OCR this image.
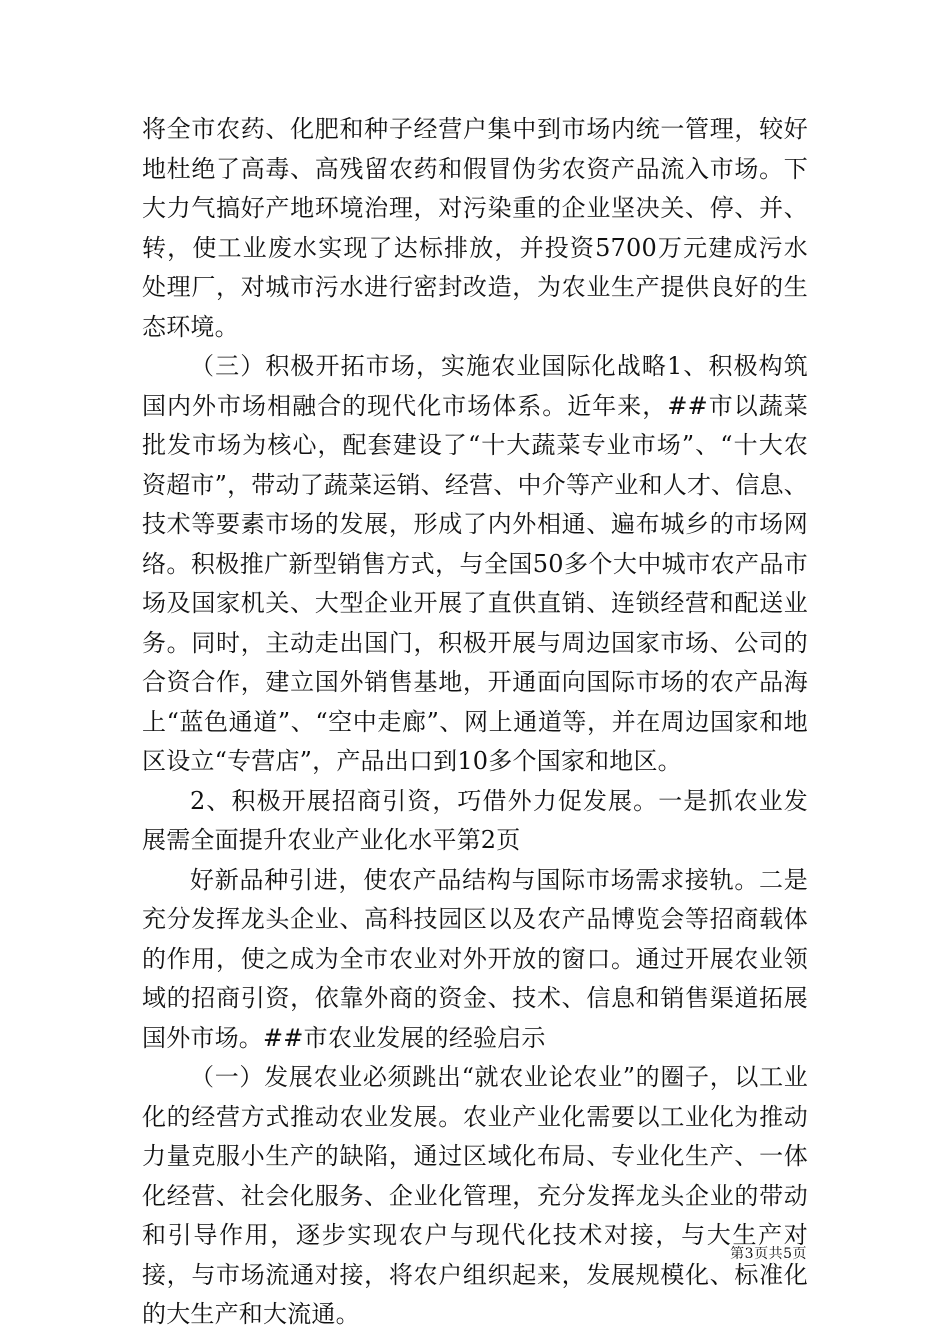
将全市农药、化肥和种子经营户集中到市场内统一管理，较好地杜绝了高毒、高残留农药和假冒伪劣农资产品流入市场。下大力气搞好产地环境治理，对污染重的企业坚决关、停、并、转，使工业废水实现了达标排放，并投资5700万元建成污水处理厂，对城市污水进行密封改造，为农业生产提供良好的生态环境。

（三）积极开拓市场，实施农业国际化战略1、积极构筑国内外市场相融合的现代化市场体系。近年来，##市以蔬菜批发市场为核心，配套建设了“十大蔬菜专业市场”、“十大农资超市”，带动了蔬菜运销、经营、中介等产业和人才、信息、技术等要素市场的发展，形成了内外相通、遍布城乡的市场网络。积极推广新型销售方式，与全国50多个大中城市农产品市场及国家机关、大型企业开展了直供直销、连锁经营和配送业务。同时，主动走出国门，积极开展与周边国家市场、公司的合资合作，建立国外销售基地，开通面向国际市场的农产品海上“蓝色通道”、“空中走廊”、网上通道等，并在周边国家和地区设立“专营店”，产品出口到10多个国家和地区。

2、积极开展招商引资，巧借外力促发展。一是抓农业发展需全面提升农业产业化水平第2页

好新品种引进，使农产品结构与国际市场需求接轨。二是充分发挥龙头企业、高科技园区以及农产品博览会等招商载体的作用，使之成为全市农业对外开放的窗口。通过开展农业领域的招商引资，依靠外商的资金、技术、信息和销售渠道拓展国外市场。##市农业发展的经验启示

（一）发展农业必须跳出“就农业论农业”的圈子，以工业化的经营方式推动农业发展。农业产业化需要以工业化为推动力量克服小生产的缺陷，通过区域化布局、专业化生产、一体化经营、社会化服务、企业化管理，充分发挥龙头企业的带动和引导作用，逐步实现农户与现代化技术对接，与大生产对接，与市场流通对接，将农户组织起来，发展规模化、标准化的大生产和大流通。

第3页共5页
